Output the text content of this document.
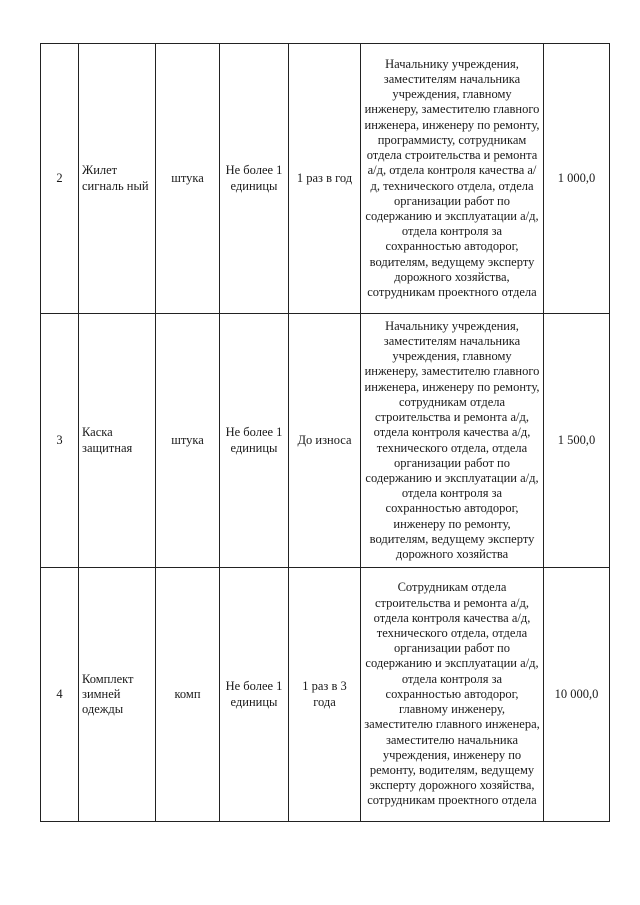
2	Жилет сигналь ный	штука	Не более 1 единицы	1 раз в год	Начальнику учреждения, заместителям начальника учреждения, главному инженеру, заместителю главного инженера, инженеру по ремонту, программисту, сотрудникам отдела строительства и ремонта а/д, отдела контроля качества а/д, технического отдела, отдела организации работ по содержанию и эксплуатации а/д, отдела контроля за сохранностью автодорог, водителям, ведущему эксперту дорожного хозяйства, сотрудникам проектного отдела	1 000,0
3	Каска защитная	штука	Не более 1 единицы	До износа	Начальнику учреждения, заместителям начальника учреждения, главному инженеру, заместителю главного инженера, инженеру по ремонту, сотрудникам отдела строительства и ремонта а/д, отдела контроля качества а/д, технического отдела, отдела организации работ по содержанию и эксплуатации а/д, отдела контроля за сохранностью автодорог, инженеру по ремонту, водителям, ведущему эксперту дорожного хозяйства	1 500,0
4	Комплект зимней одежды	комп	Не более 1 единицы	1 раз в 3 года	Сотрудникам отдела строительства и ремонта а/д, отдела контроля качества а/д, технического отдела, отдела организации работ по содержанию и эксплуатации а/д, отдела контроля за сохранностью автодорог, главному инженеру, заместителю главного инженера, заместителю начальника учреждения, инженеру по ремонту, водителям, ведущему эксперту дорожного хозяйства, сотрудникам проектного отдела	10 000,0
